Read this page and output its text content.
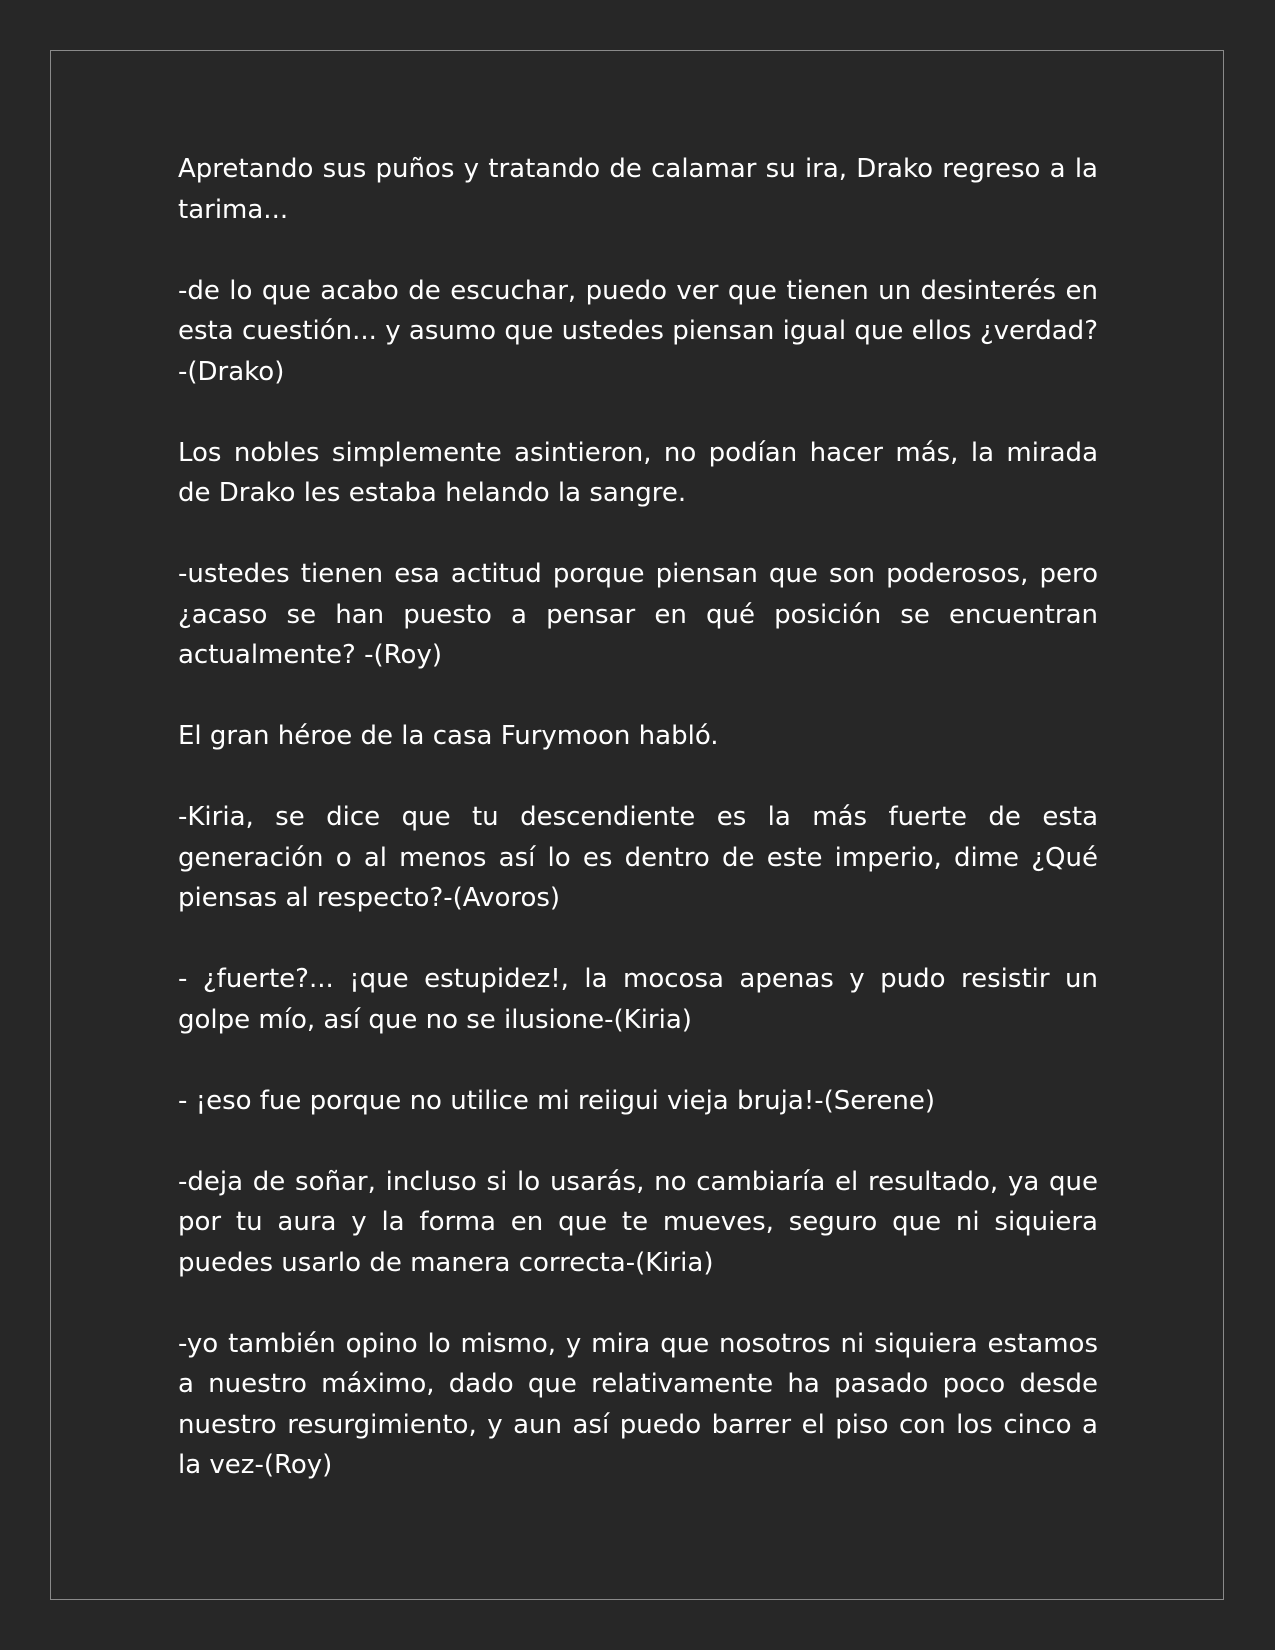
Apretando sus puños y tratando de calamar su ira, Drako regreso a la tarima...

-de lo que acabo de escuchar, puedo ver que tienen un desinterés en esta cuestión... y asumo que ustedes piensan igual que ellos ¿verdad? -(Drako)

Los nobles simplemente asintieron, no podían hacer más, la mirada de Drako les estaba helando la sangre.

-ustedes tienen esa actitud porque piensan que son poderosos, pero ¿acaso se han puesto a pensar en qué posición se encuentran actualmente? -(Roy)

El gran héroe de la casa Furymoon habló.

-Kiria, se dice que tu descendiente es la más fuerte de esta generación o al menos así lo es dentro de este imperio, dime ¿Qué piensas al respecto?-(Avoros)

- ¿fuerte?... ¡que estupidez!, la mocosa apenas y pudo resistir un golpe mío, así que no se ilusione-(Kiria)

- ¡eso fue porque no utilice mi reiigui vieja bruja!-(Serene)

-deja de soñar, incluso si lo usarás, no cambiaría el resultado, ya que por tu aura y la forma en que te mueves, seguro que ni siquiera puedes usarlo de manera correcta-(Kiria)

-yo también opino lo mismo, y mira que nosotros ni siquiera estamos a nuestro máximo, dado que relativamente ha pasado poco desde nuestro resurgimiento, y aun así puedo barrer el piso con los cinco a la vez-(Roy)
